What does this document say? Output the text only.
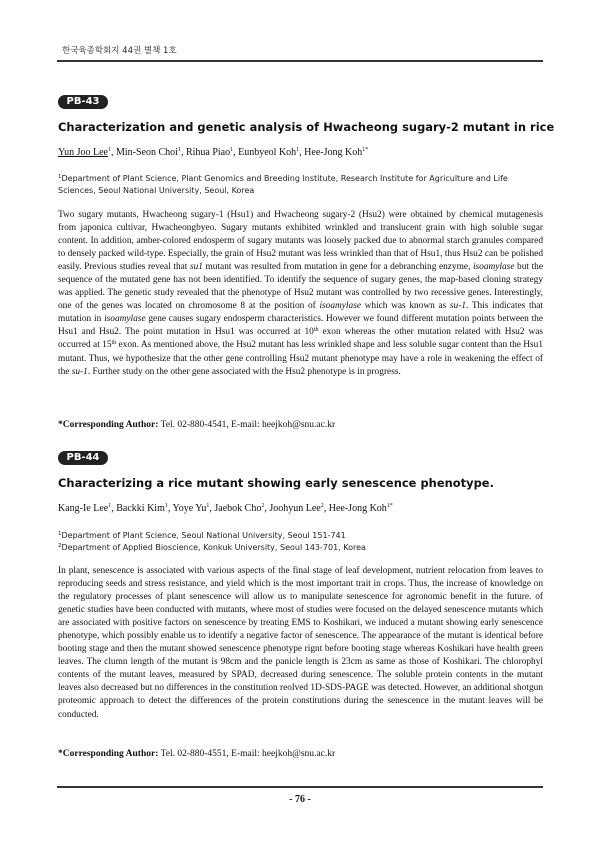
한국육종학회지 44권 별책 1호
PB-43
Characterization and genetic analysis of Hwacheong sugary-2 mutant in rice
Yun Joo Lee$^1$, Min-Seon Choi$^1$, Rihua Piao$^1$, Eunbyeol Koh$^1$, Hee-Jong Koh$^{1*}$
$^1$Department of Plant Science, Plant Genomics and Breeding Institute, Research Institute for Agriculture and Life Sciences, Seoul National University, Seoul, Korea

Two sugary mutants, Hwacheong sugary-1 (Hsu1) and Hwacheong sugary-2 (Hsu2) were obtained by chemical mutagenesis from japonica cultivar, Hwacheongbyeo. Sugary mutants exhibited wrinkled and translucent grain with high soluble sugar content. In addition, amber-colored endosperm of sugary mutants was loosely packed due to abnormal starch granules compared to densely packed wild-type. Especially, the grain of Hsu2 mutant was less wrinkled than that of Hsu1, thus Hsu2 can be polished easily. Previous studies reveal that su1 mutant was resulted from mutation in gene for a debranching enzyme, isoamylase but the sequence of the mutated gene has not been identified. To identify the sequence of sugary genes, the map-based cloning strategy was applied. The genetic study revealed that the phenotype of Hsu2 mutant was controlled by two recessive genes. Interestingly, one of the genes was located on chromosome 8 at the position of isoamylase which was known as su-1. This indicates that mutation in isoamylase gene causes sugary endosperm characteristics. However we found different mutation points between the Hsu1 and Hsu2. The point mutation in Hsu1 was occurred at 10th exon whereas the other mutation related with Hsu2 was occurred at 15th exon. As mentioned above, the Hsu2 mutant has less wrinkled shape and less soluble sugar content than the Hsu1 mutant. Thus, we hypothesize that the other gene controlling Hsu2 mutant phenotype may have a role in weakening the effect of the su-1. Further study on the other gene associated with the Hsu2 phenotype is in progress.

*Corresponding Author: Tel. 02-880-4541, E-mail: heejkoh@snu.ac.kr
PB-44
Characterizing a rice mutant showing early senescence phenotype.
Kang-Ie Lee$^1$, Backki Kim$^1$, Yoye Yu$^1$, Jaebok Cho$^2$, Joohyun Lee$^2$, Hee-Jong Koh$^{1*}$
$^1$Department of Plant Science, Seoul National University, Seoul 151-741
$^2$Department of Applied Bioscience, Konkuk University, Seoul 143-701, Korea

In plant, senescence is associated with various aspects of the final stage of leaf development, nutrient relocation from leaves to reproducing seeds and stress resistance, and yield which is the most important trait in crops. Thus, the increase of knowledge on the regulatory processes of plant senescence will allow us to manipulate senescence for agronomic benefit in the future. of genetic studies have been conducted with mutants, where most of studies were focused on the delayed senescence mutants which are associated with positive factors on senescence by treating EMS to Koshikari, we induced a mutant showing early senescence phenotype, which possibly enable us to identify a negative factor of senescence. The appearance of the mutant is identical before booting stage and then the mutant showed senescence phenotype rignt before booting stage whereas Koshikari have health green leaves. The clumn length of the mutant is 98cm and the panicle length is 23cm as same as those of Koshikari. The chlorophyl contents of the mutant leaves, measured by SPAD, decreased during senescence. The soluble protein contents in the mutant leaves also decreased but no differences in the constitution reolved 1D-SDS-PAGE was detected. However, an additional shotgun proteomic approach to detect the differences of the protein constitutions during the senescence in the mutant leaves will be conducted.

*Corresponding Author: Tel. 02-880-4551, E-mail: heejkoh@snu.ac.kr
- 76 -
